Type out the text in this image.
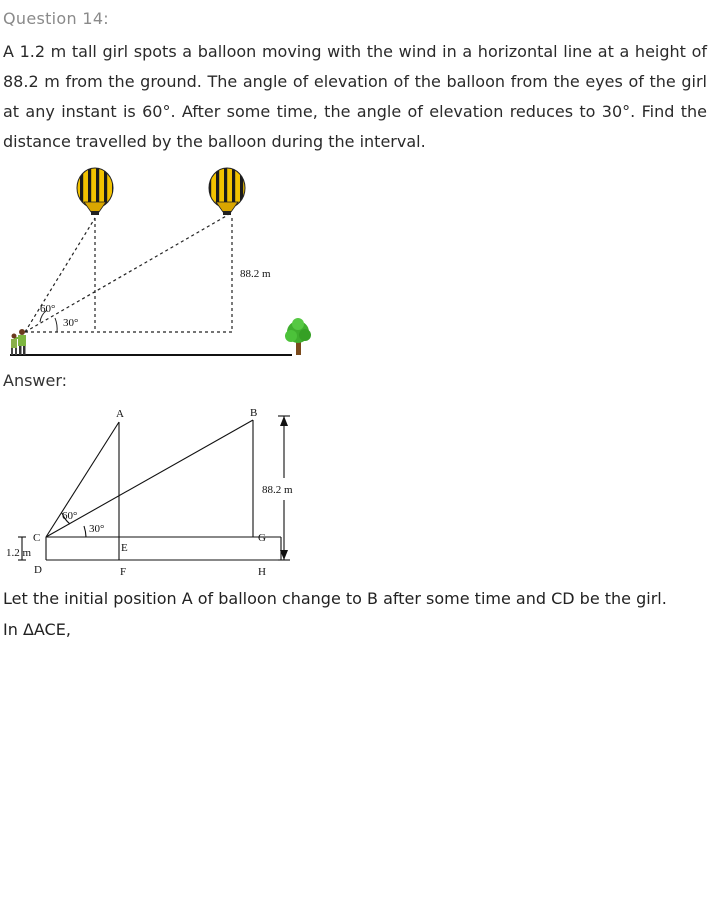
Question 14:
A 1.2 m tall girl spots a balloon moving with the wind in a horizontal line at a height of 88.2 m from the ground. The angle of elevation of the balloon from the eyes of the girl at any instant is 60°. After some time, the angle of elevation reduces to 30°. Find the distance travelled by the balloon during the interval.
60°
30°
88.2 m
Answer:
A	B
C
D
E
F
G
H
88.2 m
1.2 m
60°
30°
Let the initial position A of balloon change to B after some time and CD be the girl.
In ΔACE,
